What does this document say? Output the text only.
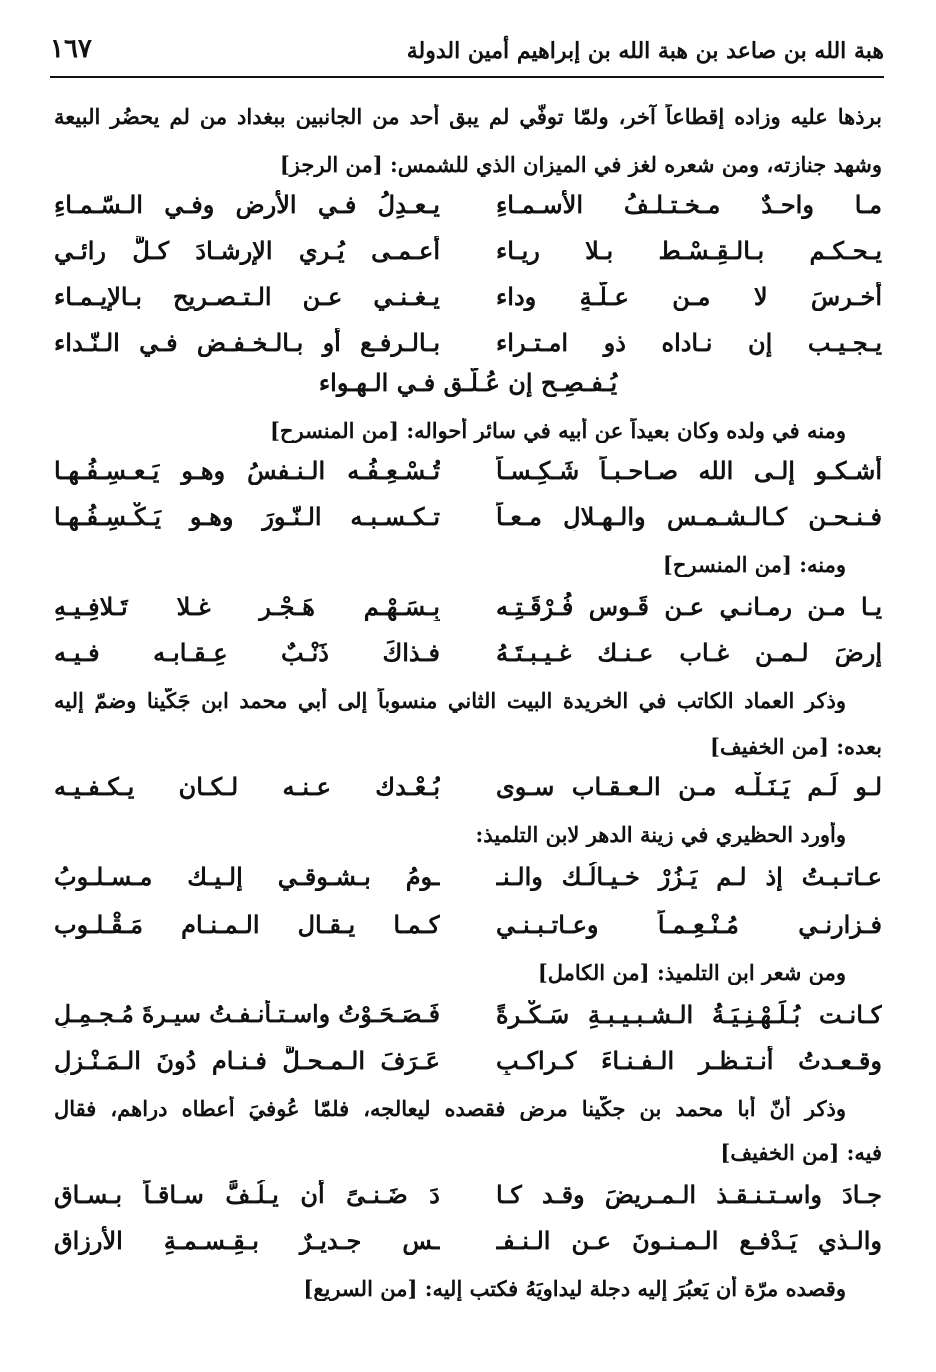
هبة الله بن صاعد بن هبة الله بن إبراهيم أمين الدولة
١٦٧
برذها عليه وزاده إقطاعاً آخر، ولمّا توفّي لم يبق أحد من الجانبين ببغداد من لم يحضُر البيعة
وشهد جنازته، ومن شعره لغز في الميزان الذي للشمس: [من الرجز]
مـا واحـدٌ مـخـتـلـفُ الأسـمـاءِ
يـعـدِلُ فـي الأرض وفـي الـسّـمـاءِ
يـحـكـم بـالـقِـسْـط بـلا رِيـاء
أعـمـى يُـري الإرشـادَ كـلَّ رائـي
أخـرسَ لا مـن عـلّـةٍ وداء
يـغـنـي عـن الـتـصـريح بـالإيـمـاء
يـجـيـب إن نـاداه ذو امـتـراء
بـالـرفـع أو بـالـخـفـض فـي الـنّـداء
يُـفـصِـح إن عُـلّـق فـي الـهـواء
ومنه في ولده وكان بعيداً عن أبيه في سائر أحواله: [من المنسرح]
أشـكـو إلـى الله صـاحـبـاً شَـكِـسـاً
تُـسْـعِـفُـه الـنـفسُ وهـو يَـعـسِـفُـهـا
فـنـحـن كـالـشـمـس والـهـلالِ مـعـاً
تـكـسـبـه الـنّـورَ وهـو يَـكْـسِـفُـهـا
ومنه: [من المنسرح]
يـا مـن رمـانـي عـن قَـوس فُـرْقَـتِـه
بِـسَـهْـمِ هَـجْـرٍ غـلا تَـلافِـيـهِ
إرضَ لـمـن غـاب عـنـك غـيـبـتَـهُ
فـذاكَ ذَنْـبٌ عِـقـابـه فـيـه
وذكر العماد الكاتب في الخريدة البيت الثاني منسوباً إلى أبي محمد ابن جَكّينا وضمّ إليه
بعده: [من الخفيف]
لـو لَـم يَـنَـلْـه مـن الـعـقـاب سـوى
بُـعْـدك عـنـه لـكـان يـكـفـيـه
وأورد الحظيري في زينة الدهر لابن التلميذ:
عـاتـبـتُ إذ لـم يَـزُرْ خـيـالُـك والـنـ
ـومُ بـشـوقـي إلـيـك مـسـلـوبُ
فـزارنـي مُـنْـعِـمـاً وعـاتـبـنـي
كـمـا يـقـال الـمـنـام مَـقْـلـوب
ومن شعر ابن التلميذ: [من الكامل]
كـانـت بُـلَـهْـنِـيَـةُ الـشـبـيـبـةِ سَـكْـرةً
فَـصَـحَـوْتُ واسـتـأنـفـتُ سيـرةَ مُـجـمِـلِ
وقـعـدتُ أنـتـظـر الـفـنـاءَ كـراكـبٍ
عَـرَفَ الـمـحـلَّ فـنـام دُونَ الـمَـنْـزِلِ
وذكر أنّ أبا محمد بن جكّينا مرض فقصده ليعالجه، فلمّا عُوفيَ أعطاه دراهم، فقال
فيه: [من الخفيف]
جـادَ واسـتـنـقـذ الـمـريضَ وقـد كـا
دَ ضَـنـىً أن يـلُـفَّ سـاقـاً بـسـاق
والـذي يَـدْفـع الـمـنـونَ عـن الـنـفـ
ـس جـديـرٌ بـقِـسـمـةِ الأرزاق
وقصده مرّة أن يَعبُرَ إليه دجلة ليداوِيَهُ فكتب إليه: [من السريع]
